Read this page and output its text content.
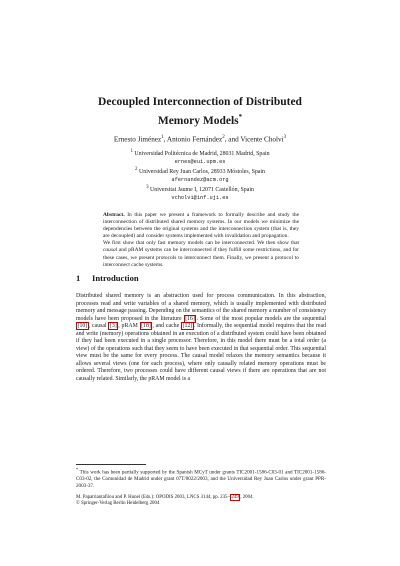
Decoupled Interconnection of Distributed
Memory Models*
Ernesto Jiménez$^1$, Antonio Fernández$^2$, and Vicente Cholvi$^3$
$^1$ Universidad Politécnica de Madrid, 28031 Madrid, Spain
ernes@eui.upm.es
$^2$ Universidad Rey Juan Carlos, 28933 Móstoles, Spain
afernandez@acm.org
$^3$ Universitat Jaume I, 12071 Castellón, Spain
vcholvi@inf.uji.es

Abstract. In this paper we present a framework to formally describe and study the interconnection of distributed shared memory systems. In our models we minimize the dependencies between the original systems and the interconnection system (that is, they are decoupled) and consider systems implemented with invalidation and propagation.

We first show that only fast memory models can be interconnected. We then show that causal and pRAM systems can be interconnected if they fulfill some restrictions, and for these cases, we present protocols to interconnect them. Finally, we present a protocol to interconnect cache systems.

1 Introduction

Distributed shared memory is an abstraction used for process communication. In this abstraction, processes read and write variables of a shared memory, which is usually implemented with distributed memory and message passing. Depending on the semantics of the shared memory a number of consistency models have been proposed in the literature [16] . Some of the most popular models are the sequential [10] , causal [3] , pRAM [18] , and cache [12] . Informally, the sequential model requires that the read and write (memory) operations obtained in an execution of a distributed system could have been obtained if they had been executed in a single processor. Therefore, in this model there must be a total order (a view) of the operations such that they seem to have been executed in that sequential order. This sequential view must be the same for every process. The causal model relaxes the memory semantics because it allows several views (one for each process), where only causally related memory operations must be ordered. Therefore, two processes could have different causal views if there are operations that are not causally related. Similarly, the pRAM model is a

* This work has been partially supported by the Spanish MCyT under grants TIC2001-1586-C03-01 and TIC2001-1586-C03-02, the Comunidad de Madrid under grant 07T/0022/2003, and the Universidad Rey Juan Carlos under grant PPR-2003-37.

M. Papatriantafilou and P. Hunel (Eds.): OPODIS 2003, LNCS 3144, pp. 235– 249 , 2004.

© Springer-Verlag Berlin Heidelberg 2004
